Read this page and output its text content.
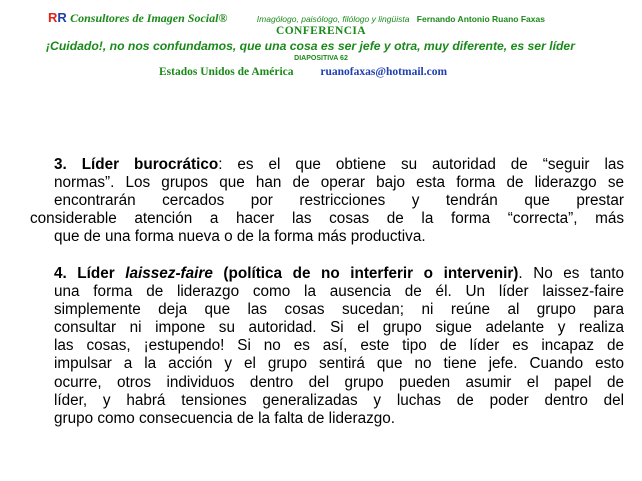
RR Consultores de Imagen Social®	Imagólogo, paisólogo, filólogo y lingüista Fernando Antonio Ruano Faxas
CONFERENCIA
¡Cuidado!, no nos confundamos, que una cosa es ser jefe y otra, muy diferente, es ser líder
DIAPOSITIVA 62
Estados Unidos de América ruanofaxas@hotmail.com
3. Líder burocrático: es el que obtiene su autoridad de “seguir las
normas”. Los grupos que han de operar bajo esta forma de liderazgo se
encontrarán cercados por restricciones y tendrán que prestar
considerable atención a hacer las cosas de la forma “correcta”, más
que de una forma nueva o de la forma más productiva.
4. Líder laissez-faire (política de no interferir o intervenir). No es tanto
una forma de liderazgo como la ausencia de él. Un líder laissez-faire
simplemente deja que las cosas sucedan; ni reúne al grupo para
consultar ni impone su autoridad. Si el grupo sigue adelante y realiza
las cosas, ¡estupendo! Si no es así, este tipo de líder es incapaz de
impulsar a la acción y el grupo sentirá que no tiene jefe. Cuando esto
ocurre, otros individuos dentro del grupo pueden asumir el papel de
líder, y habrá tensiones generalizadas y luchas de poder dentro del
grupo como consecuencia de la falta de liderazgo.
